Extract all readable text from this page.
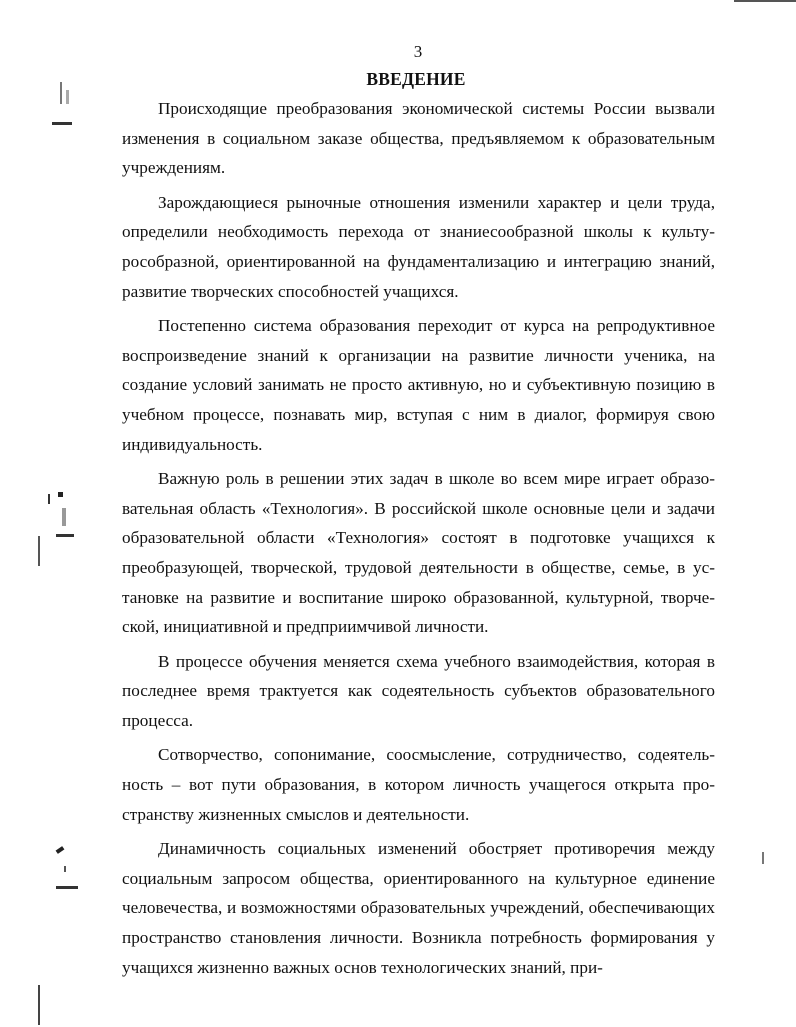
3
ВВЕДЕНИЕ

Происходящие преобразования экономической системы России вызвали изменения в социальном заказе общества, предъявляемом к образовательным учреждениям.

Зарождающиеся рыночные отношения изменили характер и цели труда, определили необходимость перехода от знаниесообразной школы к культурособразной, ориентированной на фундаментализацию и интеграцию знаний, развитие творческих способностей учащихся.

Постепенно система образования переходит от курса на репродуктивное воспроизведение знаний к организации на развитие личности ученика, на создание условий занимать не просто активную, но и субъективную позицию в учебном процессе, познавать мир, вступая с ним в диалог, формируя свою индивидуальность.

Важную роль в решении этих задач в школе во всем мире играет образовательная область «Технология». В российской школе основные цели и задачи образовательной области «Технология» состоят в подготовке учащихся к преобразующей, творческой, трудовой деятельности в обществе, семье, в установке на развитие и воспитание широко образованной, культурной, творческой, инициативной и предприимчивой личности.

В процессе обучения меняется схема учебного взаимодействия, которая в последнее время трактуется как содеятельность субъектов образовательного процесса.

Сотворчество, сопонимание, соосмысление, сотрудничество, содеятельность – вот пути образования, в котором личность учащегося открыта пространству жизненных смыслов и деятельности.

Динамичность социальных изменений обостряет противоречия между социальным запросом общества, ориентированного на культурное единение человечества, и возможностями образовательных учреждений, обеспечивающих пространство становления личности. Возникла потребность формирования у учащихся жизненно важных основ технологических знаний, при-
